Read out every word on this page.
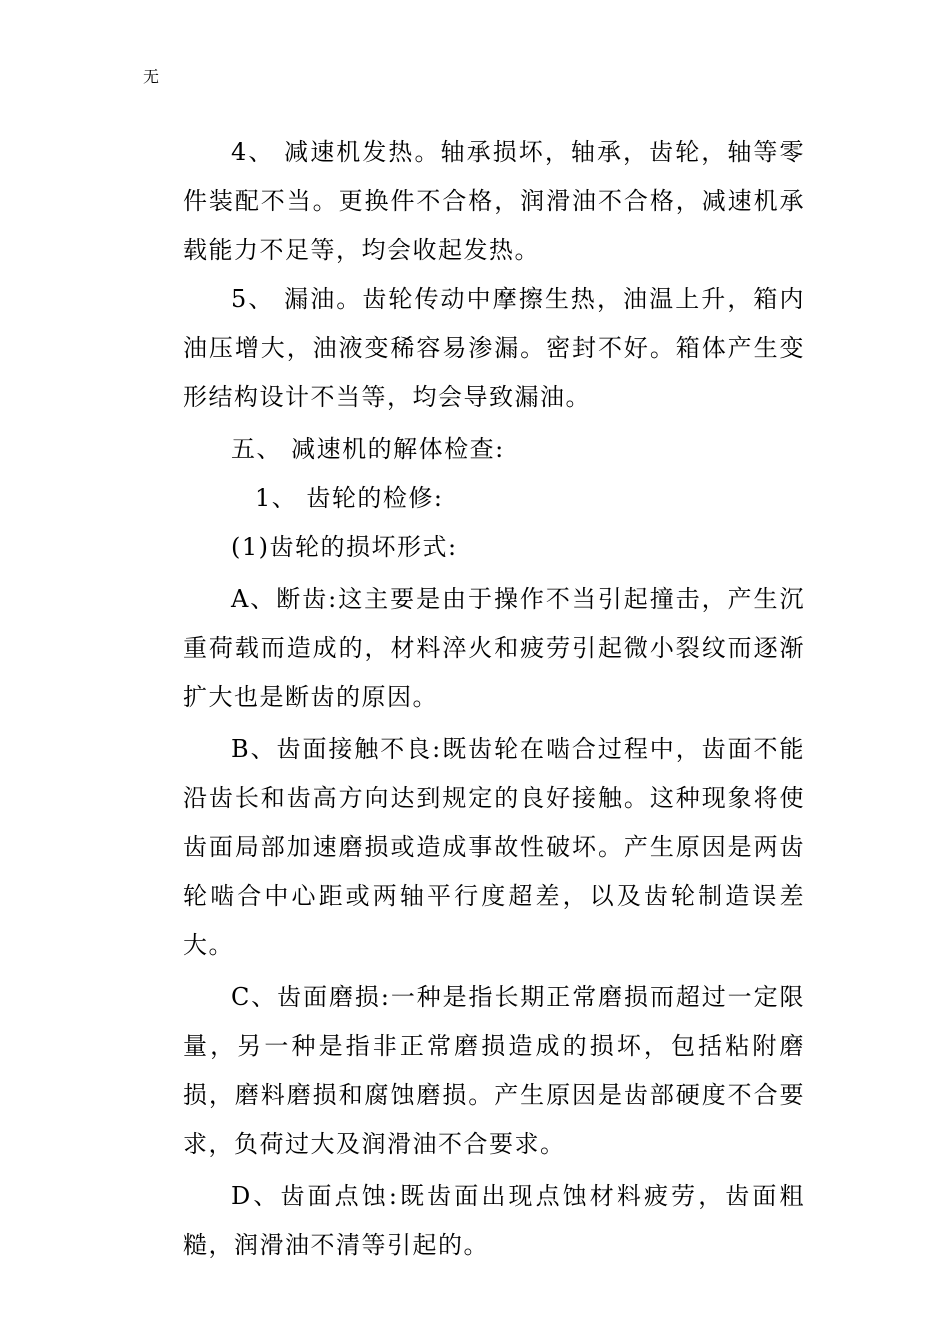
无

4、 减速机发热。轴承损坏，轴承，齿轮，轴等零件装配不当。更换件不合格，润滑油不合格，减速机承载能力不足等，均会收起发热。

5、 漏油。齿轮传动中摩擦生热，油温上升，箱内油压增大，油液变稀容易渗漏。密封不好。箱体产生变形结构设计不当等，均会导致漏油。

五、 减速机的解体检查:

1、 齿轮的检修:

(1)齿轮的损坏形式:

A、断齿:这主要是由于操作不当引起撞击，产生沉重荷载而造成的，材料淬火和疲劳引起微小裂纹而逐渐扩大也是断齿的原因。

B、齿面接触不良:既齿轮在啮合过程中，齿面不能沿齿长和齿高方向达到规定的良好接触。这种现象将使齿面局部加速磨损或造成事故性破坏。产生原因是两齿轮啮合中心距或两轴平行度超差，以及齿轮制造误差大。

C、齿面磨损:一种是指长期正常磨损而超过一定限量，另一种是指非正常磨损造成的损坏，包括粘附磨损，磨料磨损和腐蚀磨损。产生原因是齿部硬度不合要求，负荷过大及润滑油不合要求。

D、齿面点蚀:既齿面出现点蚀材料疲劳，齿面粗糙，润滑油不清等引起的。
